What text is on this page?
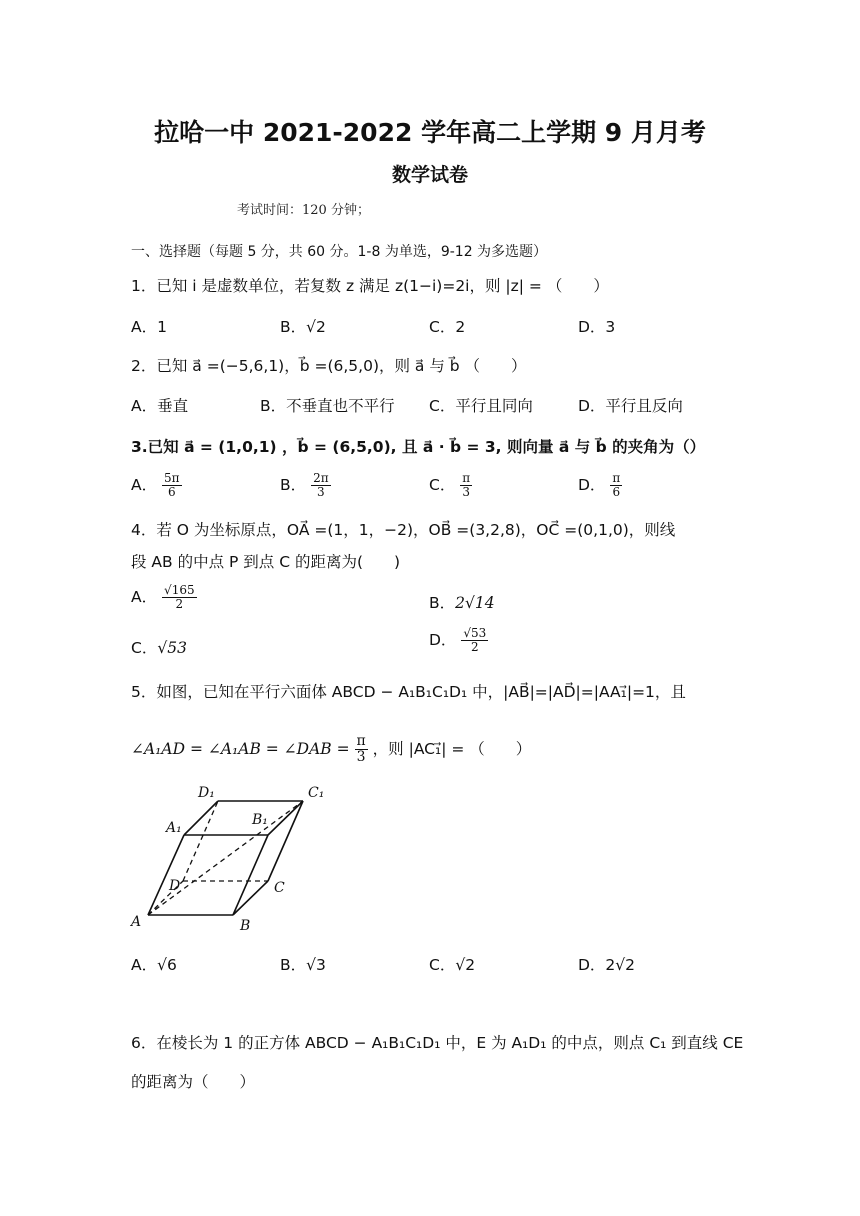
拉哈一中 2021-2022 学年高二上学期 9 月月考
数学试卷
考试时间：120 分钟；
一、选择题（每题 5 分，共 60 分。1-8 为单选，9-12 为多选题）
1．已知 i 是虚数单位，若复数 z 满足 z(1−i)=2i，则 |z| = （　　）
A．1	B．√2	C．2	D．3
2．已知 a⃗ =(−5,6,1)，b⃗ =(6,5,0)，则 a⃗ 与 b⃗ （　　）
A．垂直	B．不垂直也不平行 C．平行且同向	D．平行且反向
3.已知 a⃗ = (1,0,1) ，b⃗ = (6,5,0), 且 a⃗ · b⃗ = 3, 则向量 a⃗ 与 b⃗ 的夹角为（）
A． $\frac{5\pi}{6}$	B． $\frac{2\pi}{3}$	C． $\frac{\pi}{3}$	D． $\frac{\pi}{6}$
4．若 O 为坐标原点，OA⃗ =(1，1，−2)，OB⃗ =(3,2,8)，OC⃗ =(0,1,0)，则线
段 AB 的中点 P 到点 C 的距离为(　　)
A． $\frac{√165}{2}$	B．2√14
C．√53	D． $\frac{√53}{2}$
5．如图，已知在平行六面体 ABCD − A₁B₁C₁D₁ 中，|AB⃗|=|AD⃗|=|AA₁⃗|=1，且
∠A₁AD = ∠A₁AB = ∠DAB = $\frac{\pi}{3}$ ，则 |AC₁⃗| = （　　）
D₁	C₁
A₁	B₁
D	C
A	B
A．√6	B．√3	C．√2	D．2√2
6．在棱长为 1 的正方体 ABCD − A₁B₁C₁D₁ 中，E 为 A₁D₁ 的中点，则点 C₁ 到直线 CE
的距离为（　　）
